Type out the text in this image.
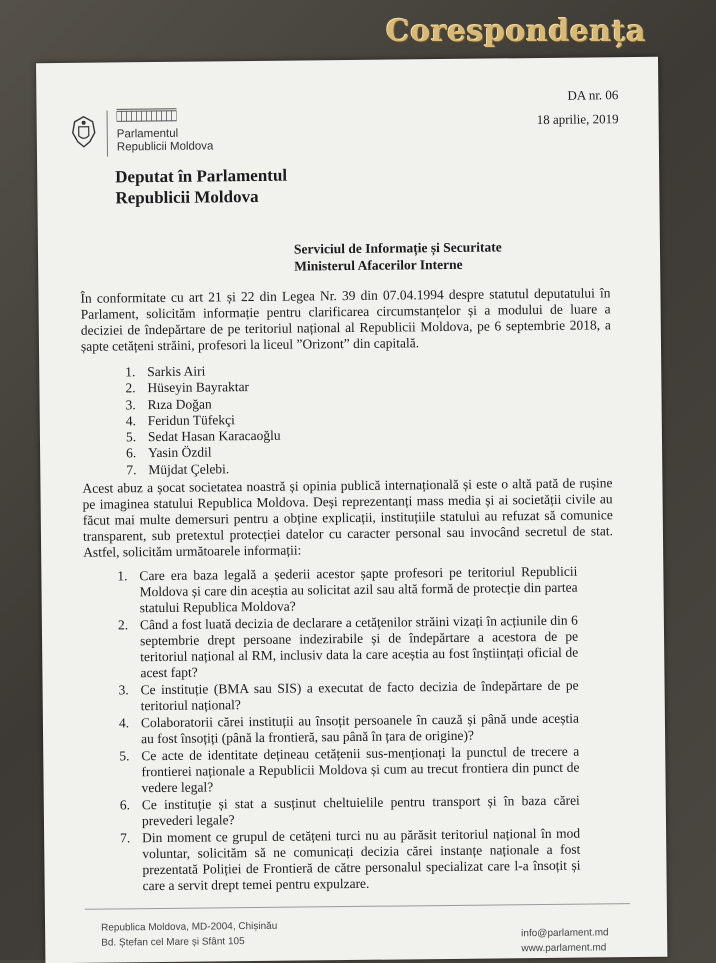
Corespondența
Parlamentul
Republicii Moldova
DA nr. 06
18 aprilie, 2019
Deputat în Parlamentul
Republicii Moldova
Serviciul de Informație și Securitate
Ministerul Afacerilor Interne

În conformitate cu art 21 și 22 din Legea Nr. 39 din 07.04.1994 despre statutul deputatului în Parlament, solicităm informație pentru clarificarea circumstanțelor și a modului de luare a deciziei de îndepărtare de pe teritoriul național al Republicii Moldova, pe 6 septembrie 2018, a șapte cetățeni străini, profesori la liceul ”Orizont” din capitală.

1. Sarkis Airi
2. Hüseyin Bayraktar
3. Rıza Doğan
4. Feridun Tüfekçi
5. Sedat Hasan Karacaoğlu
6. Yasin Özdil
7. Müjdat Çelebi.

Acest abuz a șocat societatea noastră și opinia publică internațională și este o altă pată de rușine pe imaginea statului Republica Moldova. Deși reprezentanți mass media și ai societății civile au făcut mai multe demersuri pentru a obține explicații, instituțiile statului au refuzat să comunice transparent, sub pretextul protecției datelor cu caracter personal sau invocând secretul de stat. Astfel, solicităm următoarele informații:

1. Care era baza legală a șederii acestor șapte profesori pe teritoriul Republicii Moldova și care din aceștia au solicitat azil sau altă formă de protecție din partea statului Republica Moldova?
2. Când a fost luată decizia de declarare a cetățenilor străini vizați în acțiunile din 6 septembrie drept persoane indezirabile și de îndepărtare a acestora de pe teritoriul național al RM, inclusiv data la care aceștia au fost înștiințați oficial de acest fapt?
3. Ce instituție (BMA sau SIS) a executat de facto decizia de îndepărtare de pe teritoriul național?
4. Colaboratorii cărei instituții au însoțit persoanele în cauză și până unde aceștia au fost însoțiți (până la frontieră, sau până în țara de origine)?
5. Ce acte de identitate dețineau cetățenii sus-menționați la punctul de trecere a frontierei naționale a Republicii Moldova și cum au trecut frontiera din punct de vedere legal?
6. Ce instituție și stat a susținut cheltuielile pentru transport și în baza cărei prevederi legale?
7. Din moment ce grupul de cetățeni turci nu au părăsit teritoriul național în mod voluntar, solicităm să ne comunicați decizia cărei instanțe naționale a fost prezentată Poliției de Frontieră de către personalul specializat care l-a însoțit și care a servit drept temei pentru expulzare.
Republica Moldova, MD-2004, Chișinău
Bd. Ștefan cel Mare și Sfânt 105
info@parlament.md
www.parlament.md
